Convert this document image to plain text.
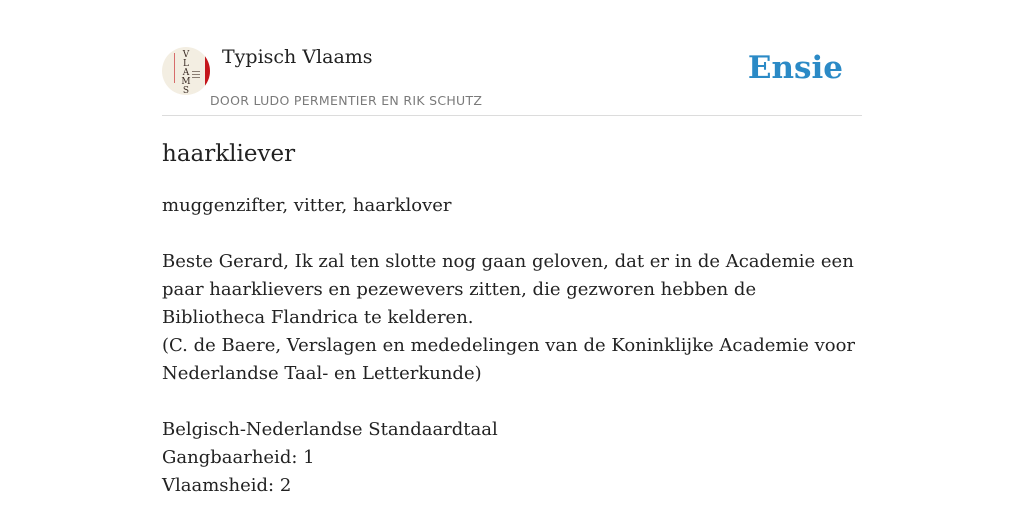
V
L
A
M
S
Typisch Vlaams
DOOR LUDO PERMENTIER EN RIK SCHUTZ
Ensie
haarkliever
muggenzifter, vitter, haarklover
Beste Gerard, Ik zal ten slotte nog gaan geloven, dat er in de Academie een paar haarklievers en pezewevers zitten, die gezworen hebben de Bibliotheca Flandrica te kelderen.
(C. de Baere, Verslagen en mededelingen van de Koninklijke Academie voor Nederlandse Taal- en Letterkunde)
Belgisch-Nederlandse Standaardtaal
Gangbaarheid: 1
Vlaamsheid: 2
